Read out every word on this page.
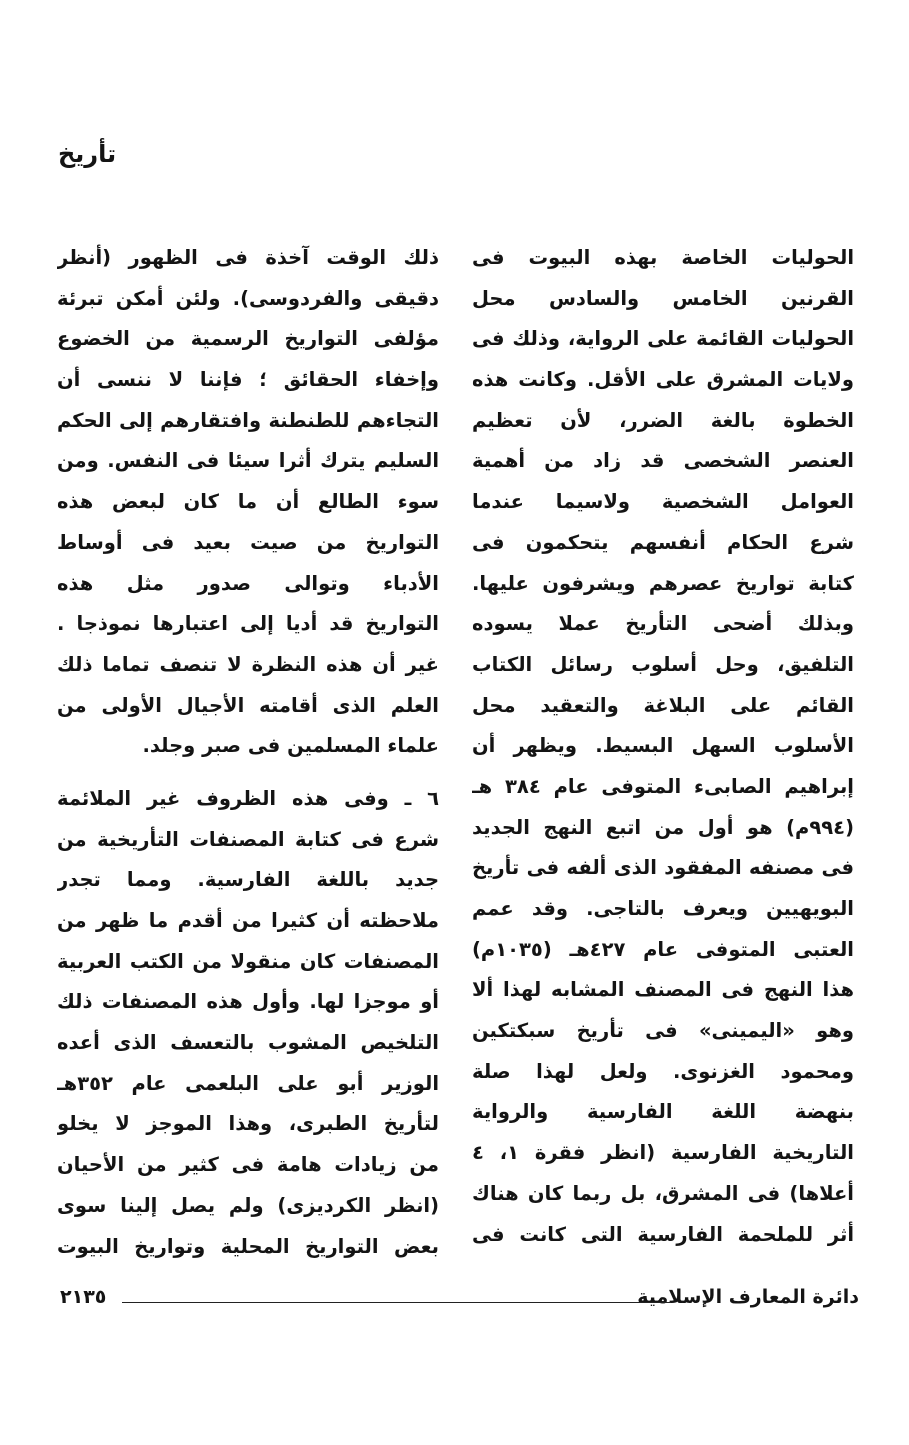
تأريخ
الحوليات الخاصة بهذه البيوت فى
القرنين الخامس والسادس محل
الحوليات القائمة على الرواية، وذلك فى
ولايات المشرق على الأقل. وكانت هذه
الخطوة بالغة الضرر، لأن تعظيم
العنصر الشخصى قد زاد من أهمية
العوامل الشخصية ولاسيما عندما
شرع الحكام أنفسهم يتحكمون فى
كتابة تواريخ عصرهم ويشرفون عليها.
وبذلك أضحى التأريخ عملا يسوده
التلفيق، وحل أسلوب رسائل الكتاب
القائم على البلاغة والتعقيد محل
الأسلوب السهل البسيط. ويظهر أن
إبراهيم الصابىء المتوفى عام ٣٨٤ هـ
(٩٩٤م) هو أول من اتبع النهج الجديد
فى مصنفه المفقود الذى ألفه فى تأريخ
البويهيين ويعرف بالتاجى. وقد عمم
العتبى المتوفى عام ٤٢٧هـ (١٠٣٥م)
هذا النهج فى المصنف المشابه لهذا ألا
وهو «اليمينى» فى تأريخ سبكتكين
ومحمود الغزنوى. ولعل لهذا صلة
بنهضة اللغة الفارسية والرواية
التاريخية الفارسية (انظر فقرة ١، ٤
أعلاها) فى المشرق، بل ربما كان هناك
أثر للملحمة الفارسية التى كانت فى
ذلك الوقت آخذة فى الظهور (أنظر
دقيقى والفردوسى). ولئن أمكن تبرئة
مؤلفى التواريخ الرسمية من الخضوع
وإخفاء الحقائق ؛ فإننا لا ننسى أن
التجاءهم للطنطنة وافتقارهم إلى الحكم
السليم يترك أثرا سيئا فى النفس. ومن
سوء الطالع أن ما كان لبعض هذه
التواريخ من صيت بعيد فى أوساط
الأدباء وتوالى صدور مثل هذه
التواريخ قد أديا إلى اعتبارها نموذجا .
غير أن هذه النظرة لا تنصف تماما ذلك
العلم الذى أقامته الأجيال الأولى من
علماء المسلمين فى صبر وجلد.
٦ ـ وفى هذه الظروف غير الملائمة
شرع فى كتابة المصنفات التأريخية من
جديد باللغة الفارسية. ومما تجدر
ملاحظته أن كثيرا من أقدم ما ظهر من
المصنفات كان منقولا من الكتب العربية
أو موجزا لها. وأول هذه المصنفات ذلك
التلخيص المشوب بالتعسف الذى أعده
الوزير أبو على البلعمى عام ٣٥٢هـ
لتأريخ الطبرى، وهذا الموجز لا يخلو
من زيادات هامة فى كثير من الأحيان
(انظر الكرديزى) ولم يصل إلينا سوى
بعض التواريخ المحلية وتواريخ البيوت
دائرة المعارف الإسلامية
٢١٣٥
